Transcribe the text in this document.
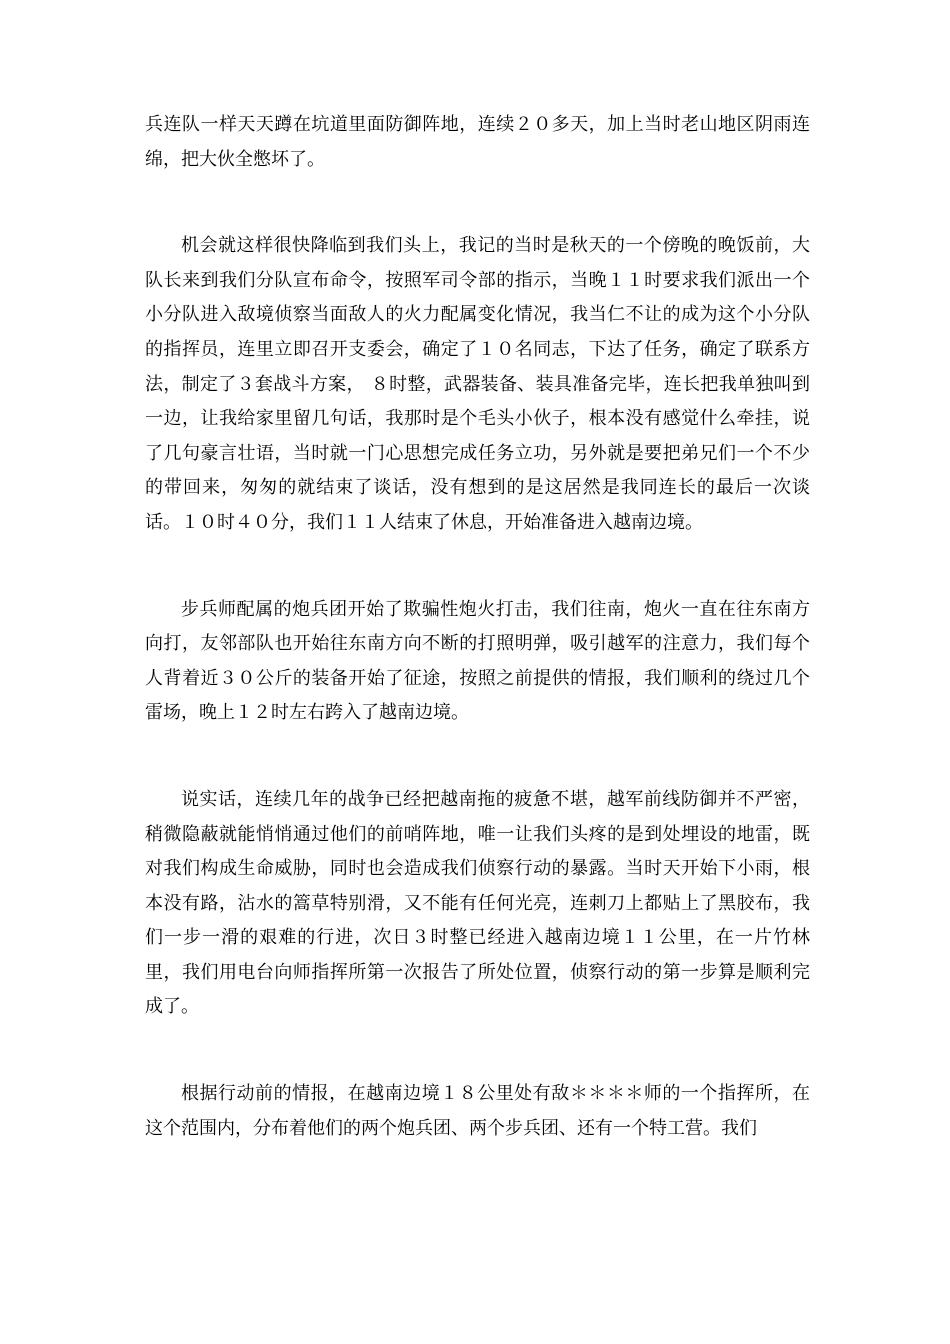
兵连队一样天天蹲在坑道里面防御阵地，连续２０多天，加上当时老山地区阴雨连绵，把大伙全憋坏了。

机会就这样很快降临到我们头上，我记的当时是秋天的一个傍晚的晚饭前，大队长来到我们分队宣布命令，按照军司令部的指示，当晚１１时要求我们派出一个小分队进入敌境侦察当面敌人的火力配属变化情况，我当仁不让的成为这个小分队的指挥员，连里立即召开支委会，确定了１０名同志，下达了任务，确定了联系方法，制定了３套战斗方案， ８时整，武器装备、装具准备完毕，连长把我单独叫到一边，让我给家里留几句话，我那时是个毛头小伙子，根本没有感觉什么牵挂，说了几句豪言壮语，当时就一门心思想完成任务立功，另外就是要把弟兄们一个不少的带回来，匆匆的就结束了谈话，没有想到的是这居然是我同连长的最后一次谈话。１０时４０分，我们１１人结束了休息，开始准备进入越南边境。

步兵师配属的炮兵团开始了欺骗性炮火打击，我们往南，炮火一直在往东南方向打，友邻部队也开始往东南方向不断的打照明弹，吸引越军的注意力，我们每个人背着近３０公斤的装备开始了征途，按照之前提供的情报，我们顺利的绕过几个雷场，晚上１２时左右跨入了越南边境。

说实话，连续几年的战争已经把越南拖的疲惫不堪，越军前线防御并不严密，稍微隐蔽就能悄悄通过他们的前哨阵地，唯一让我们头疼的是到处埋设的地雷，既对我们构成生命威胁，同时也会造成我们侦察行动的暴露。当时天开始下小雨，根本没有路，沾水的篙草特别滑，又不能有任何光亮，连刺刀上都贴上了黑胶布，我们一步一滑的艰难的行进，次日３时整已经进入越南边境１１公里，在一片竹林里，我们用电台向师指挥所第一次报告了所处位置，侦察行动的第一步算是顺利完成了。

根据行动前的情报，在越南边境１８公里处有敌＊＊＊＊师的一个指挥所，在这个范围内，分布着他们的两个炮兵团、两个步兵团、还有一个特工营。我们
